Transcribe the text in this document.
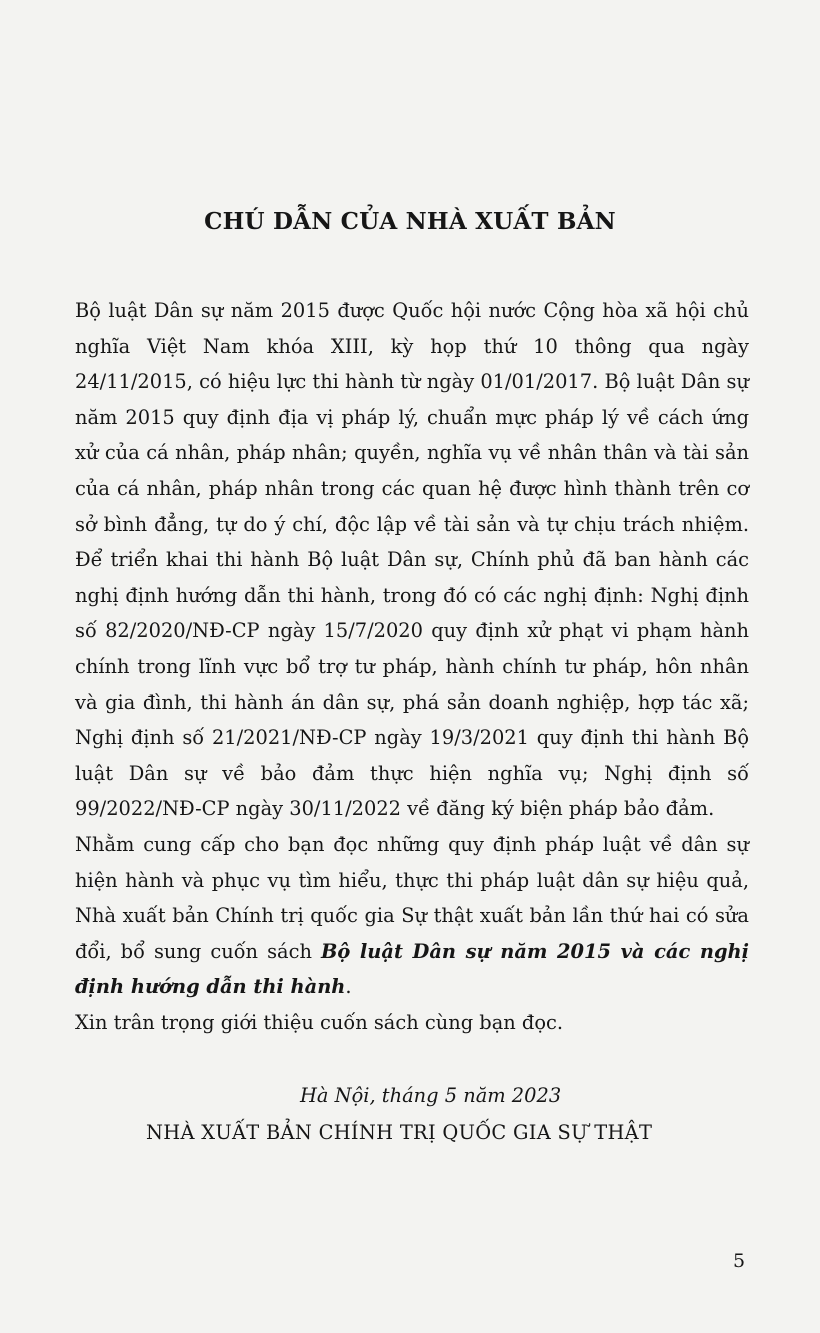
CHÚ DẪN CỦA NHÀ XUẤT BẢN

Bộ luật Dân sự năm 2015 được Quốc hội nước Cộng hòa xã hội chủ nghĩa Việt Nam khóa XIII, kỳ họp thứ 10 thông qua ngày 24/11/2015, có hiệu lực thi hành từ ngày 01/01/2017. Bộ luật Dân sự năm 2015 quy định địa vị pháp lý, chuẩn mực pháp lý về cách ứng xử của cá nhân, pháp nhân; quyền, nghĩa vụ về nhân thân và tài sản của cá nhân, pháp nhân trong các quan hệ được hình thành trên cơ sở bình đẳng, tự do ý chí, độc lập về tài sản và tự chịu trách nhiệm. Để triển khai thi hành Bộ luật Dân sự, Chính phủ đã ban hành các nghị định hướng dẫn thi hành, trong đó có các nghị định: Nghị định số 82/2020/NĐ-CP ngày 15/7/2020 quy định xử phạt vi phạm hành chính trong lĩnh vực bổ trợ tư pháp, hành chính tư pháp, hôn nhân và gia đình, thi hành án dân sự, phá sản doanh nghiệp, hợp tác xã; Nghị định số 21/2021/NĐ-CP ngày 19/3/2021 quy định thi hành Bộ luật Dân sự về bảo đảm thực hiện nghĩa vụ; Nghị định số 99/2022/NĐ-CP ngày 30/11/2022 về đăng ký biện pháp bảo đảm.

Nhằm cung cấp cho bạn đọc những quy định pháp luật về dân sự hiện hành và phục vụ tìm hiểu, thực thi pháp luật dân sự hiệu quả, Nhà xuất bản Chính trị quốc gia Sự thật xuất bản lần thứ hai có sửa đổi, bổ sung cuốn sách Bộ luật Dân sự năm 2015 và các nghị định hướng dẫn thi hành.

Xin trân trọng giới thiệu cuốn sách cùng bạn đọc.

Hà Nội, tháng 5 năm 2023
NHÀ XUẤT BẢN CHÍNH TRỊ QUỐC GIA SỰ THẬT
5
